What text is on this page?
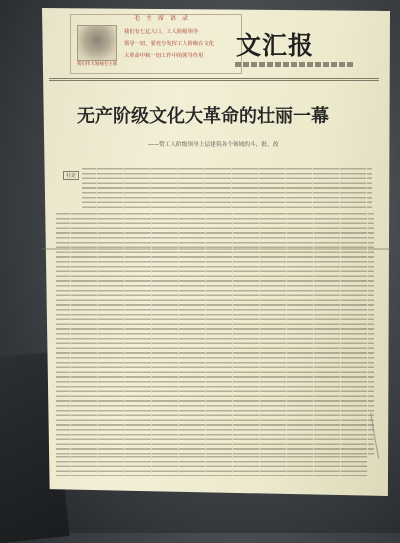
毛主席语录
我们伟大领袖毛主席
我们有七亿人口，工人阶级领导
领导一切，要充分发挥工人阶级在文化
大革命中和一切工作中的领导作用 文汇报
无产阶级文化大革命的壮丽一幕
——赞工人阶级领导上层建筑各个领域的斗、批、改
社论
